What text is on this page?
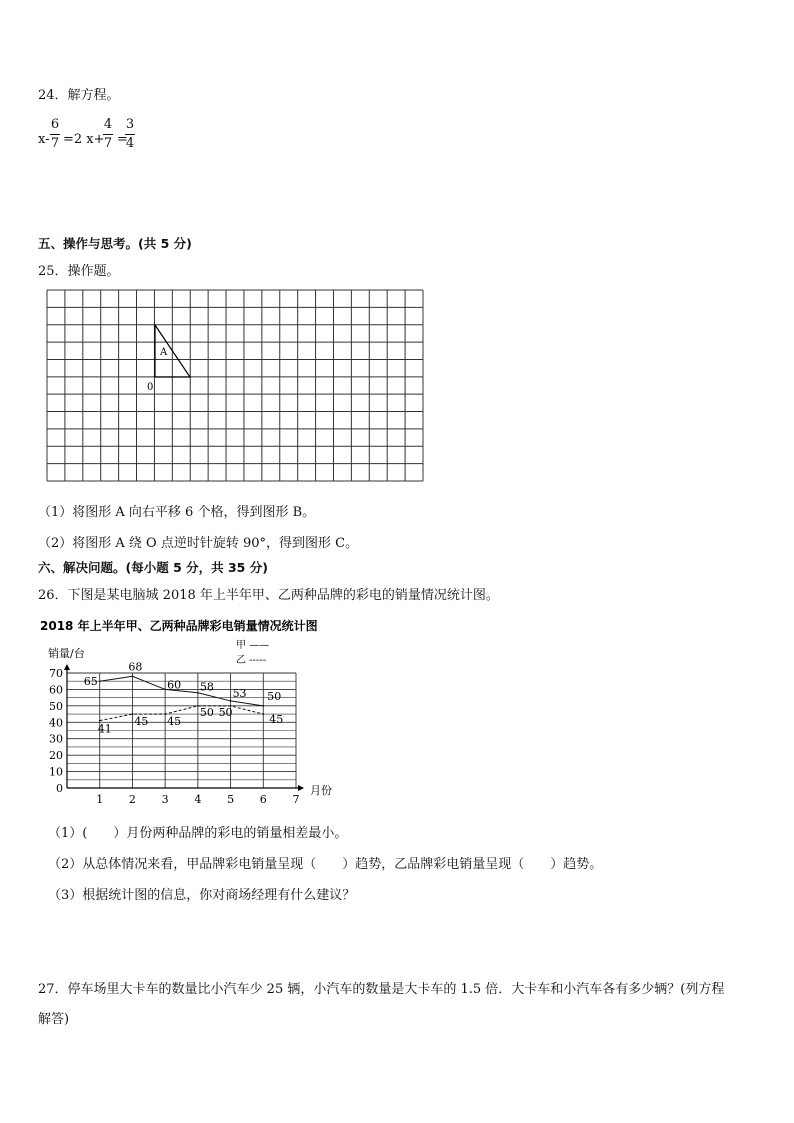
24．解方程。
x-
6
7 =2 x+
4
7 =
3
4
五、操作与思考。(共 5 分)
25．操作题。
A
0
（1）将图形 A 向右平移 6 个格，得到图形 B。
（2）将图形 A 绕 O 点逆时针旋转 90°，得到图形 C。
六、解决问题。(每小题 5 分，共 35 分)
26．下图是某电脑城 2018 年上半年甲、乙两种品牌的彩电的销量情况统计图。
2018 年上半年甲、乙两种品牌彩电销量情况统计图
销量/台
月份
0
10
20
30
40
50
60
70
1 2 3 4 5 6 7
65
68
60 58 53 50
41
45 45
50 50
45
甲 ——
乙 -----
（1）(　　）月份两种品牌的彩电的销量相差最小。
（2）从总体情况来看，甲品牌彩电销量呈现（　　）趋势，乙品牌彩电销量呈现（　　）趋势。
（3）根据统计图的信息，你对商场经理有什么建议？
27．停车场里大卡车的数量比小汽车少 25 辆，小汽车的数量是大卡车的 1.5 倍．大卡车和小汽车各有多少辆？(列方程
解答)
